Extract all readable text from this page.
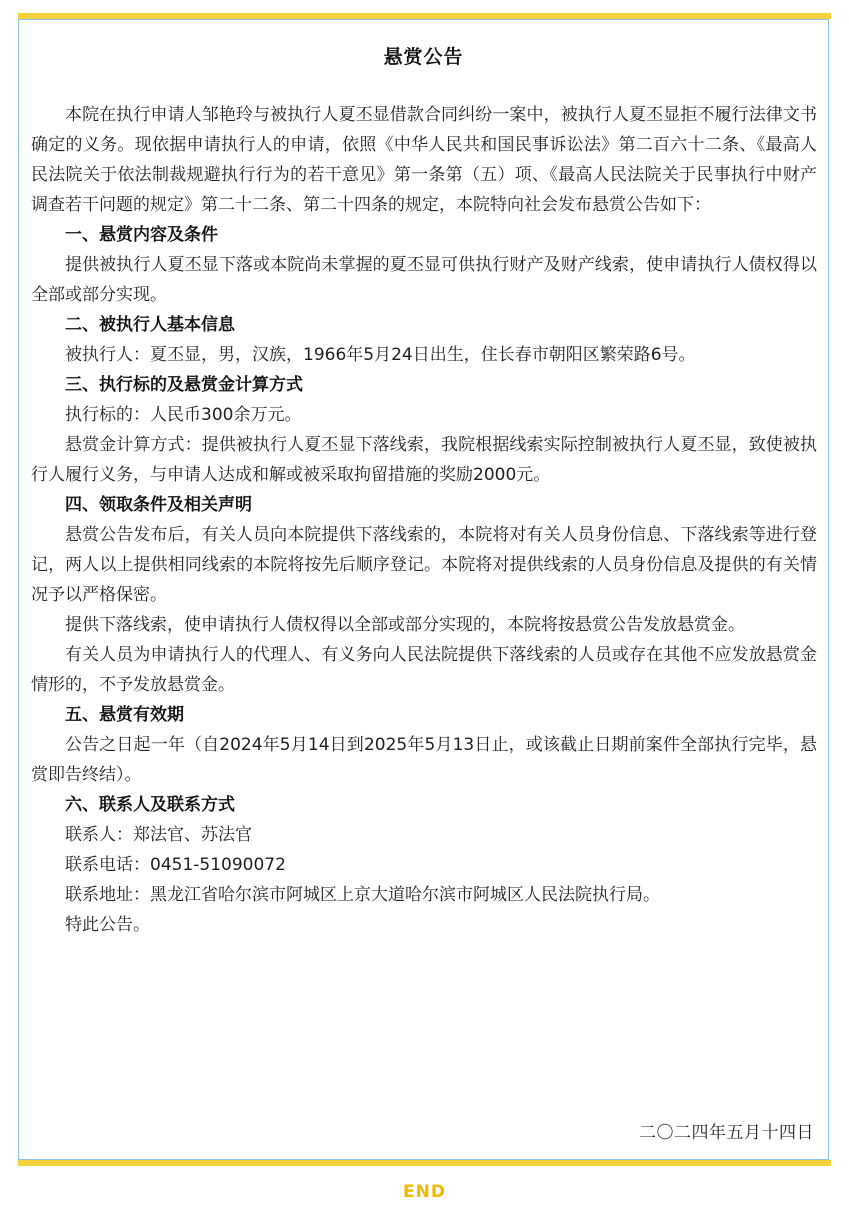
悬赏公告

本院在执行申请人邹艳玲与被执行人夏丕显借款合同纠纷一案中，被执行人夏丕显拒不履行法律文书确定的义务。现依据申请执行人的申请，依照《中华人民共和国民事诉讼法》第二百六十二条、《最高人民法院关于依法制裁规避执行行为的若干意见》第一条第（五）项、《最高人民法院关于民事执行中财产调查若干问题的规定》第二十二条、第二十四条的规定，本院特向社会发布悬赏公告如下：

一、悬赏内容及条件

提供被执行人夏丕显下落或本院尚未掌握的夏丕显可供执行财产及财产线索，使申请执行人债权得以全部或部分实现。

二、被执行人基本信息

被执行人：夏丕显，男，汉族，1966年5月24日出生，住长春市朝阳区繁荣路6号。

三、执行标的及悬赏金计算方式

执行标的：人民币300余万元。

悬赏金计算方式：提供被执行人夏丕显下落线索，我院根据线索实际控制被执行人夏丕显，致使被执行人履行义务，与申请人达成和解或被采取拘留措施的奖励2000元。

四、领取条件及相关声明

悬赏公告发布后，有关人员向本院提供下落线索的，本院将对有关人员身份信息、下落线索等进行登记，两人以上提供相同线索的本院将按先后顺序登记。本院将对提供线索的人员身份信息及提供的有关情况予以严格保密。

提供下落线索，使申请执行人债权得以全部或部分实现的，本院将按悬赏公告发放悬赏金。

有关人员为申请执行人的代理人、有义务向人民法院提供下落线索的人员或存在其他不应发放悬赏金情形的，不予发放悬赏金。

五、悬赏有效期

公告之日起一年（自2024年5月14日到2025年5月13日止，或该截止日期前案件全部执行完毕，悬赏即告终结）。

六、联系人及联系方式

联系人：郑法官、苏法官

联系电话：0451-51090072

联系地址：黑龙江省哈尔滨市阿城区上京大道哈尔滨市阿城区人民法院执行局。

特此公告。

二〇二四年五月十四日
END
